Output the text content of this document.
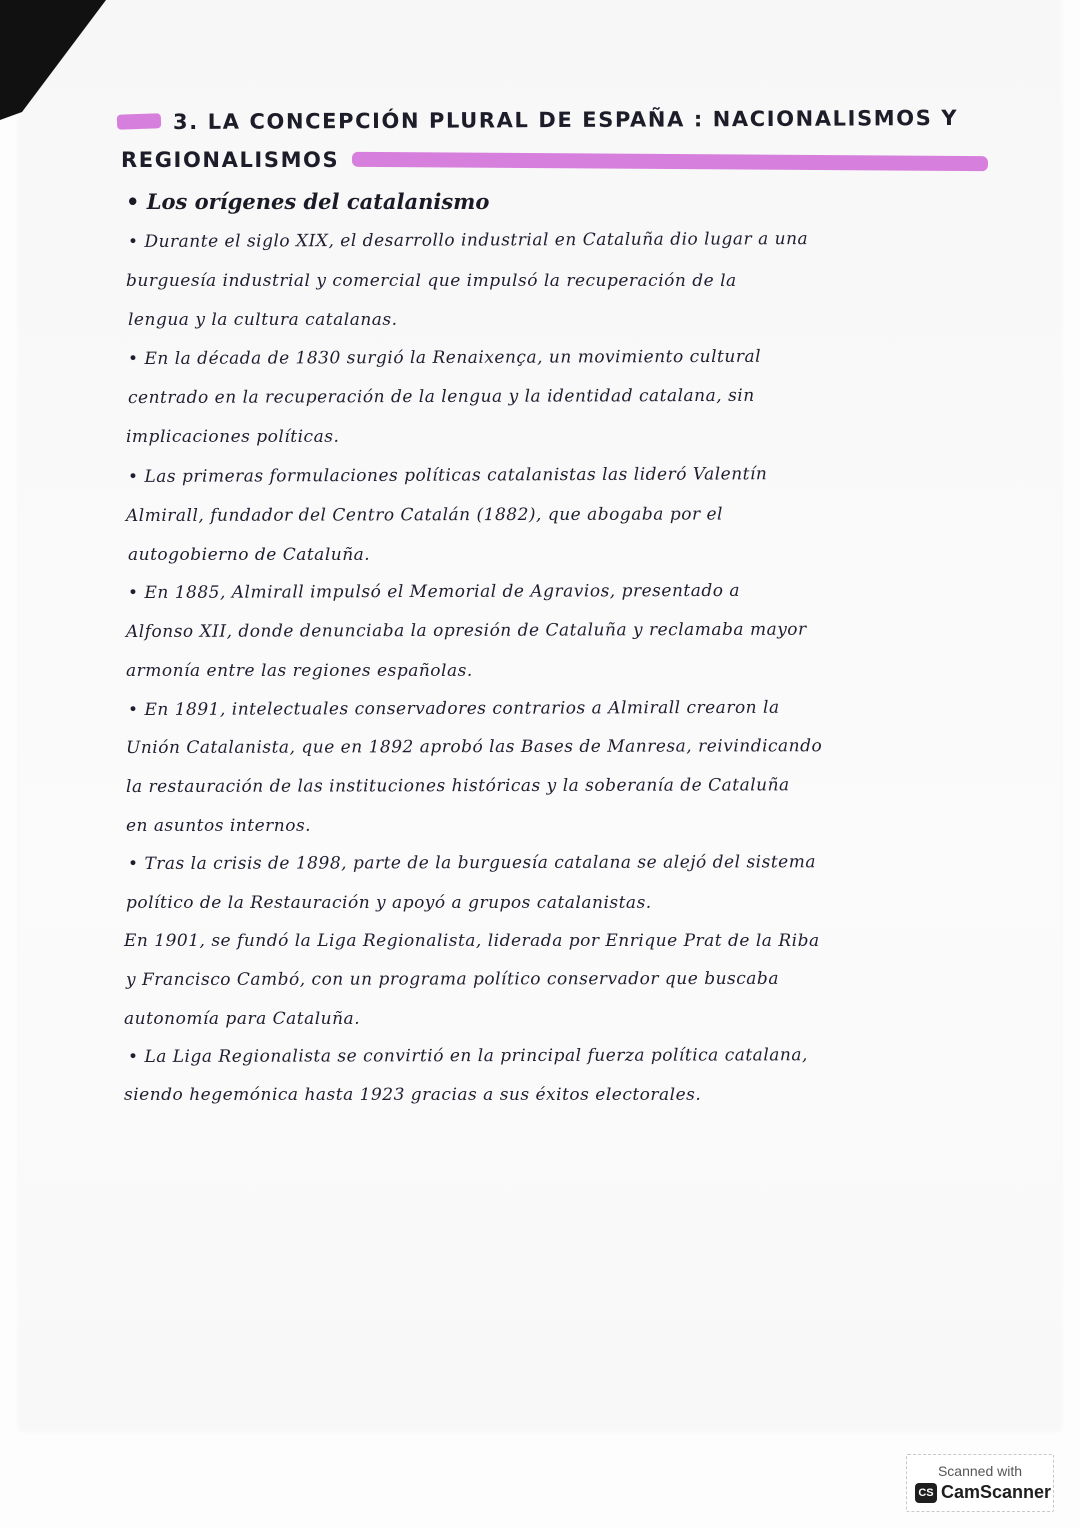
3. LA CONCEPCIÓN PLURAL DE ESPAÑA : NACIONALISMOS Y
REGIONALISMOS
• Los orígenes del catalanismo
• Durante el siglo XIX, el desarrollo industrial en Cataluña dio lugar a una
burguesía industrial y comercial que impulsó la recuperación de la
lengua y la cultura catalanas.
• En la década de 1830 surgió la Renaixença, un movimiento cultural
centrado en la recuperación de la lengua y la identidad catalana, sin
implicaciones políticas.
• Las primeras formulaciones políticas catalanistas las lideró Valentín
Almirall, fundador del Centro Catalán (1882), que abogaba por el
autogobierno de Cataluña.
• En 1885, Almirall impulsó el Memorial de Agravios, presentado a
Alfonso XII, donde denunciaba la opresión de Cataluña y reclamaba mayor
armonía entre las regiones españolas.
• En 1891, intelectuales conservadores contrarios a Almirall crearon la
Unión Catalanista, que en 1892 aprobó las Bases de Manresa, reivindicando
la restauración de las instituciones históricas y la soberanía de Cataluña
en asuntos internos.
• Tras la crisis de 1898, parte de la burguesía catalana se alejó del sistema
político de la Restauración y apoyó a grupos catalanistas.
En 1901, se fundó la Liga Regionalista, liderada por Enrique Prat de la Riba
y Francisco Cambó, con un programa político conservador que buscaba
autonomía para Cataluña.
• La Liga Regionalista se convirtió en la principal fuerza política catalana,
siendo hegemónica hasta 1923 gracias a sus éxitos electorales.
Scanned with
CS CamScanner
